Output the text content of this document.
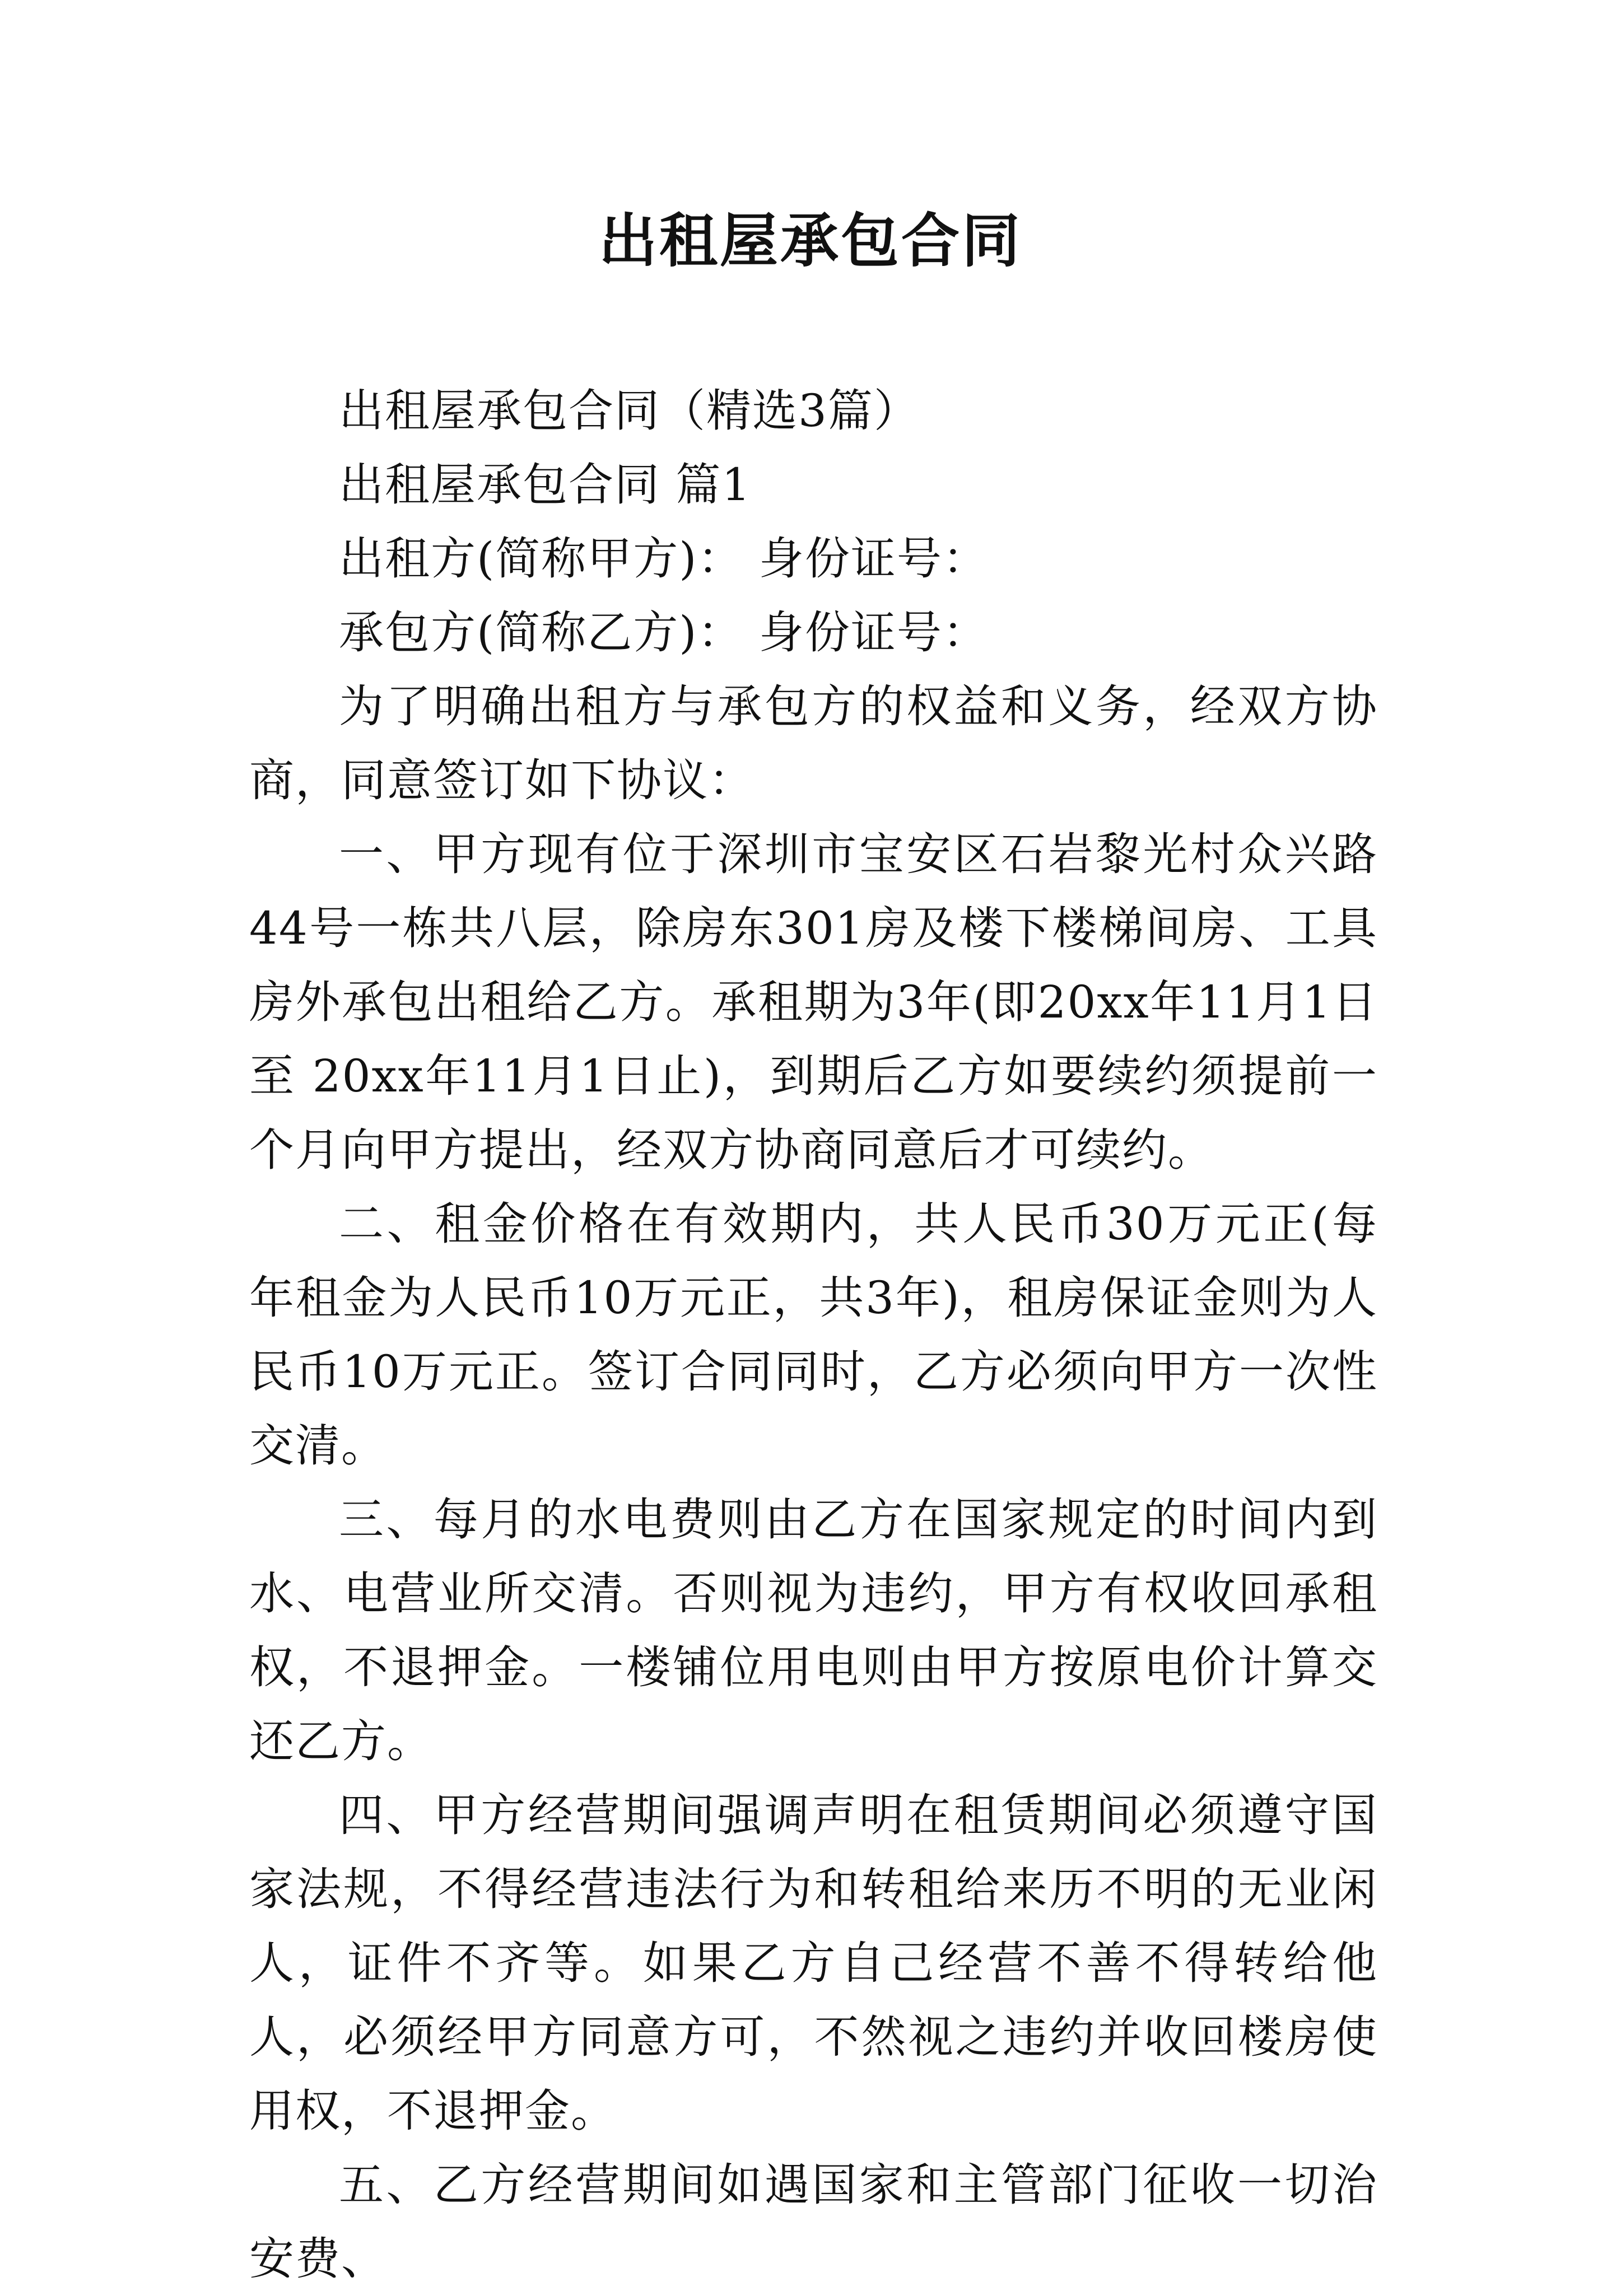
出租屋承包合同

出租屋承包合同（精选3篇）

出租屋承包合同 篇1

出租方(简称甲方)： 身份证号：

承包方(简称乙方)： 身份证号：

为了明确出租方与承包方的权益和义务，经双方协商，同意签订如下协议：

一、甲方现有位于深圳市宝安区石岩黎光村众兴路44号一栋共八层，除房东301房及楼下楼梯间房、工具房外承包出租给乙方。承租期为3年(即20xx年11月1日至 20xx年11月1日止)，到期后乙方如要续约须提前一个月向甲方提出，经双方协商同意后才可续约。

二、租金价格在有效期内，共人民币30万元正(每年租金为人民币10万元正，共3年)，租房保证金则为人民币10万元正。签订合同同时，乙方必须向甲方一次性交清。

三、每月的水电费则由乙方在国家规定的时间内到水、电营业所交清。否则视为违约，甲方有权收回承租权，不退押金。一楼铺位用电则由甲方按原电价计算交还乙方。

四、甲方经营期间强调声明在租赁期间必须遵守国家法规，不得经营违法行为和转租给来历不明的无业闲人，证件不齐等。如果乙方自己经营不善不得转给他人，必须经甲方同意方可，不然视之违约并收回楼房使用权，不退押金。

五、乙方经营期间如遇国家和主管部门征收一切治安费、
